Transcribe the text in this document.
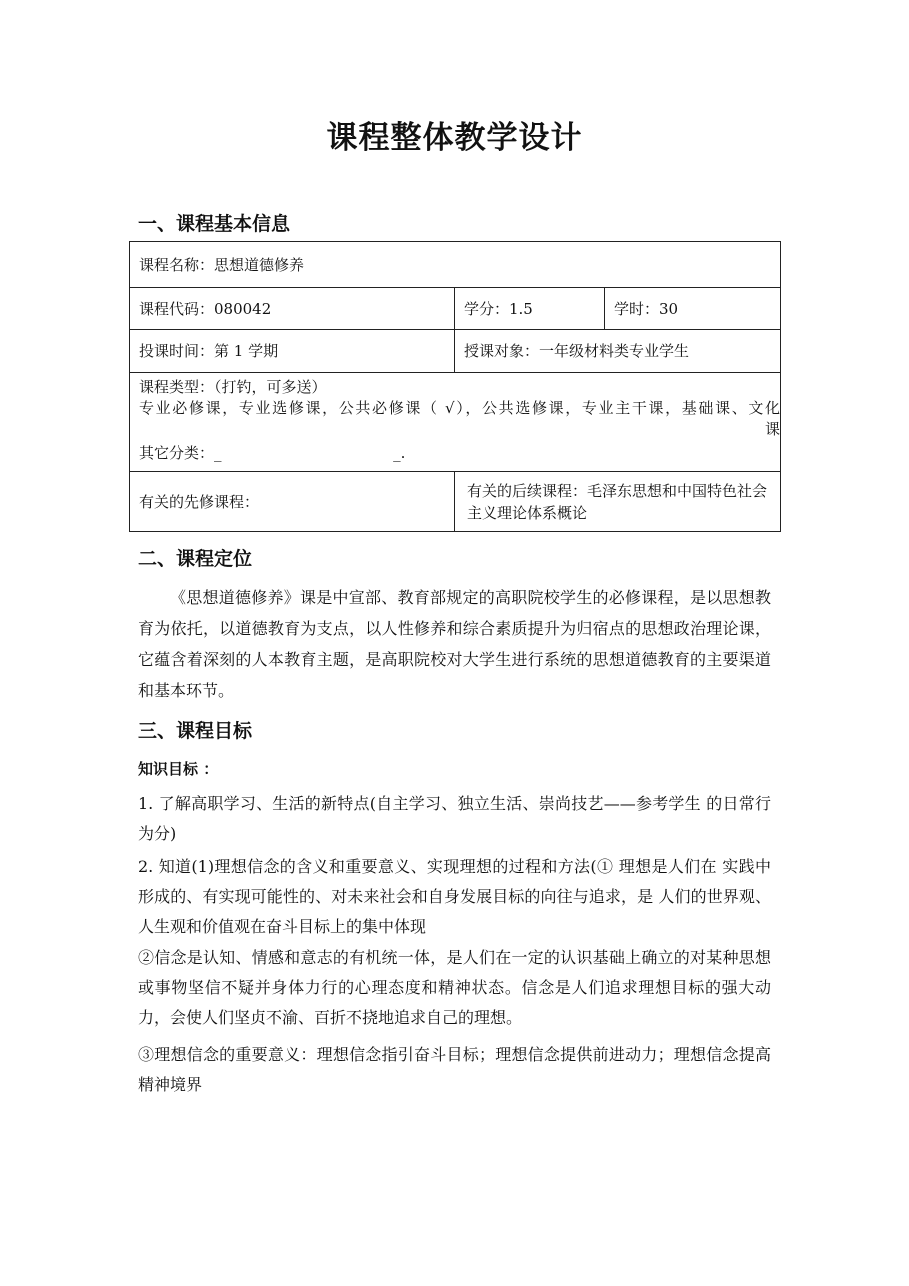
课程整体教学设计
一、课程基本信息
课程名称：思想道德修养		
课程代码：080042	学分：1.5	学时：30
投课时间：第 1 学期	授课对象：一年级材料类专业学生	

课程类型：（打钓，可多送）
专业必修课，专业选修课，公共必修课（ √），公共选修课，专业主干课，基础课、文化
课
其它分类：_                                    _.		

有关的先修课程：	有关的后续课程：毛泽东思想和中国特色社会主义理论体系概论	
二、课程定位
《思想道德修养》课是中宣部、教育部规定的高职院校学生的必修课程，是以思想教育为依托，以道德教育为支点，以人性修养和综合素质提升为归宿点的思想政治理论课，它蕴含着深刻的人本教育主题，是高职院校对大学生进行系统的思想道德教育的主要渠道和基本环节。
三、课程目标
知识目标 ：
1. 了解高职学习、生活的新特点(自主学习、独立生活、崇尚技艺——参考学生 的日常行为分)
2. 知道(1)理想信念的含义和重要意义、实现理想的过程和方法(① 理想是人们在 实践中形成的、有实现可能性的、对未来社会和自身发展目标的向往与追求，是 人们的世界观、人生观和价值观在奋斗目标上的集中体现
②信念是认知、情感和意志的有机统一体，是人们在一定的认识基础上确立的对某种思想或事物坚信不疑并身体力行的心理态度和精神状态。信念是人们追求理想目标的强大动力，会使人们坚贞不渝、百折不挠地追求自己的理想。
③理想信念的重要意义：理想信念指引奋斗目标；理想信念提供前进动力；理想信念提高精神境界
